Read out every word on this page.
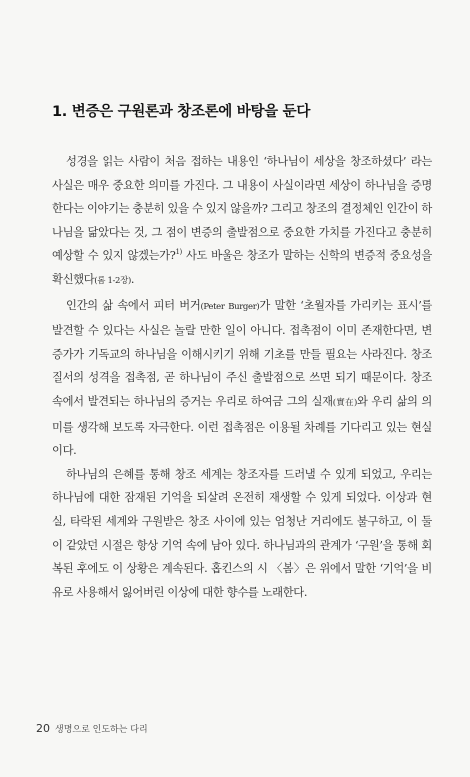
1. 변증은 구원론과 창조론에 바탕을 둔다

성경을 읽는 사람이 처음 접하는 내용인 ‘하나님이 세상을 창조하셨다’ 라는 사실은 매우 중요한 의미를 가진다. 그 내용이 사실이라면 세상이 하나님을 증명한다는 이야기는 충분히 있을 수 있지 않을까? 그리고 창조의 결정체인 인간이 하나님을 닮았다는 것, 그 점이 변증의 출발점으로 중요한 가치를 가진다고 충분히 예상할 수 있지 않겠는가?$^{1)}$ 사도 바울은 창조가 말하는 신학의 변증적 중요성을 확신했다(롬 1-2장).

인간의 삶 속에서 피터 버거(Peter Burger)가 말한 ‘초월자를 가리키는 표시’를 발견할 수 있다는 사실은 놀랄 만한 일이 아니다. 접촉점이 이미 존재한다면, 변증가가 기독교의 하나님을 이해시키기 위해 기초를 만들 필요는 사라진다. 창조 질서의 성격을 접촉점, 곧 하나님이 주신 출발점으로 쓰면 되기 때문이다. 창조 속에서 발견되는 하나님의 증거는 우리로 하여금 그의 실재(實在)와 우리 삶의 의미를 생각해 보도록 자극한다. 이런 접촉점은 이용될 차례를 기다리고 있는 현실이다.

하나님의 은혜를 통해 창조 세계는 창조자를 드러낼 수 있게 되었고, 우리는 하나님에 대한 잠재된 기억을 되살려 온전히 재생할 수 있게 되었다. 이상과 현실, 타락된 세계와 구원받은 창조 사이에 있는 엄청난 거리에도 불구하고, 이 둘이 같았던 시절은 항상 기억 속에 남아 있다. 하나님과의 관계가 ‘구원’을 통해 회복된 후에도 이 상황은 계속된다. 홉킨스의 시 〈봄〉은 위에서 말한 ‘기억’을 비유로 사용해서 잃어버린 이상에 대한 향수를 노래한다.

20 생명으로 인도하는 다리
